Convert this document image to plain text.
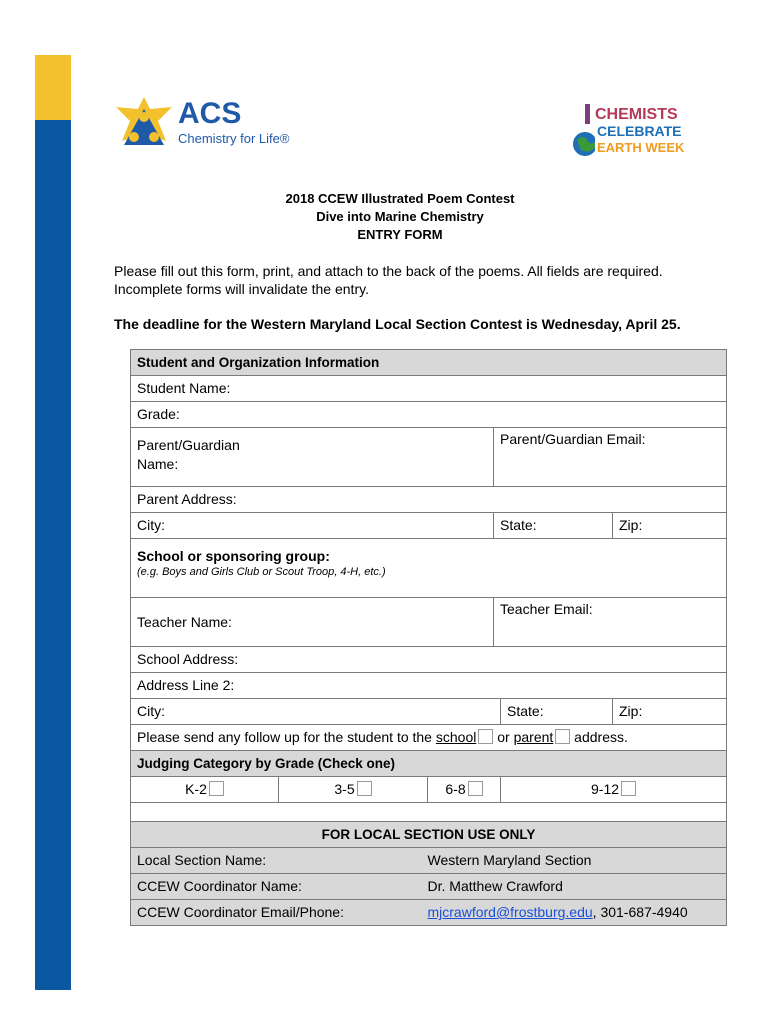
ACS
Chemistry for Life®
CHEMISTS
CELEBRATE
EARTH WEEK
2018 CCEW Illustrated Poem Contest
Dive into Marine Chemistry
ENTRY FORM
Please fill out this form, print, and attach to the back of the poems. All fields are required. Incomplete forms will invalidate the entry.
The deadline for the Western Maryland Local Section Contest is Wednesday, April 25.
Student and Organization Information					
Student Name:					
Grade:					

Parent/Guardian Name:			Parent/Guardian Email:		
Parent Address:					
City:			State:		Zip:

School or sponsoring group:
(e.g. Boys and Girls Club or Scout Troop, 4-H, etc.)					

Teacher Name:			Teacher Email:		
School Address:					
Address Line 2:					
City:				State:	Zip:
Please send any follow up for the student to the school or parent address.					
Judging Category by Grade (Check one)					
K-2	3-5	6-8		9-12	

FOR LOCAL SECTION USE ONLY					
Local Section Name:		Western Maryland Section			
CCEW Coordinator Name:		Dr. Matthew Crawford			
CCEW Coordinator Email/Phone:		mjcrawford@frostburg.edu, 301-687-4940			
